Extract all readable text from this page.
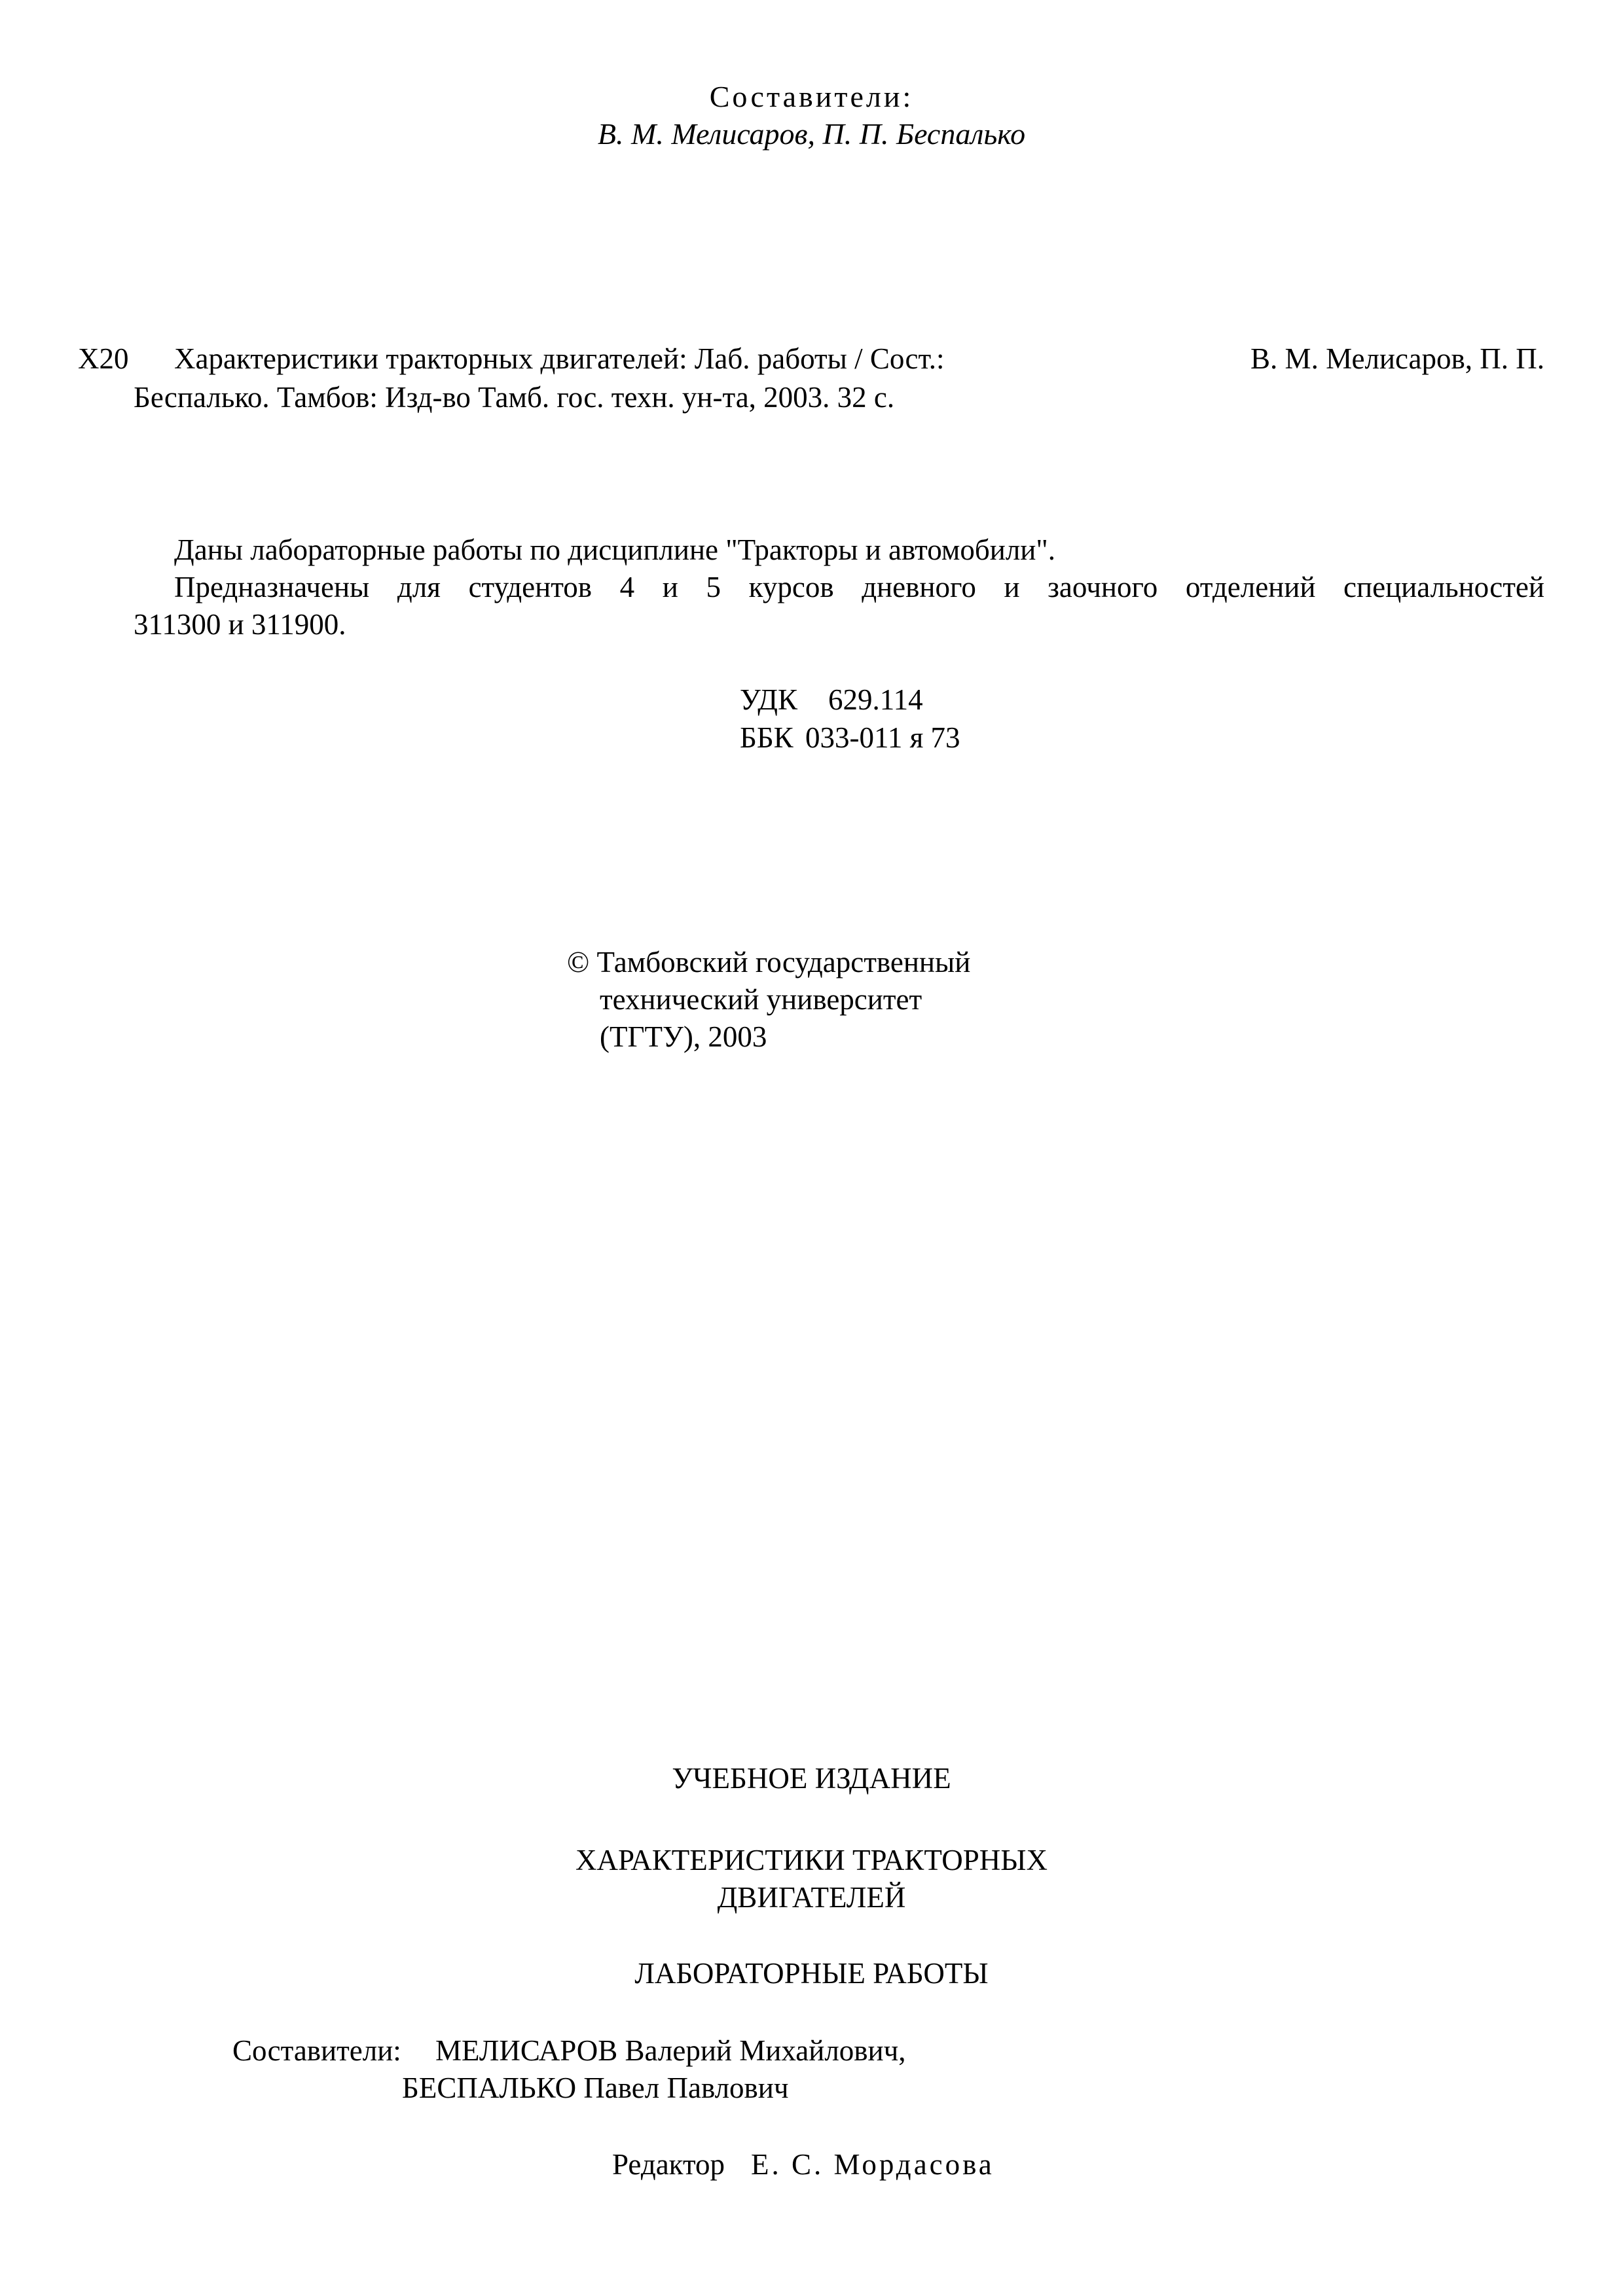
Составители:

В. М. Мелисаров, П. П. Беспалько

Х20 Характеристики тракторных двигателей: Лаб. работы / Сост.:	В. М. Мелисаров, П. П.
Беспалько. Тамбов: Изд-во Тамб. гос. техн. ун-та, 2003. 32 с.
Даны лабораторные работы по дисциплине "Тракторы и автомобили".
Предназначены для студентов 4 и 5 курсов дневного и заочного отделений специальностей
311300 и 311900.
УДК 629.114
ББК 033-011 я 73
© Тамбовский государственный
технический университет
(ТГТУ), 2003

УЧЕБНОЕ ИЗДАНИЕ

ХАРАКТЕРИСТИКИ ТРАКТОРНЫХ

ДВИГАТЕЛЕЙ

ЛАБОРАТОРНЫЕ РАБОТЫ

Составители: МЕЛИСАРОВ Валерий Михайлович,
БЕСПАЛЬКО Павел Павлович
Редактор Е. С. Мордасова
